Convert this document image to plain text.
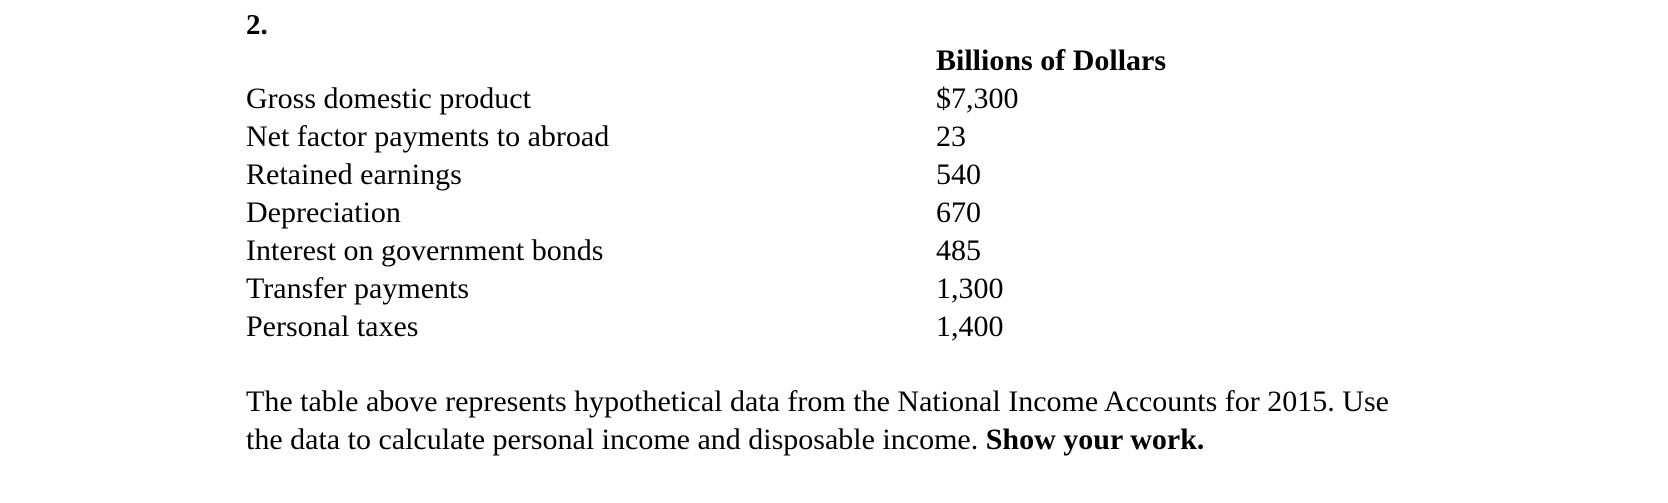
2.
Billions of Dollars
Gross domestic product	$7,300
Net factor payments to abroad	23
Retained earnings	540
Depreciation	670
Interest on government bonds	485
Transfer payments	1,300
Personal taxes	1,400
The table above represents hypothetical data from the National Income Accounts for 2015. Use the data to calculate personal income and disposable income. Show your work.
